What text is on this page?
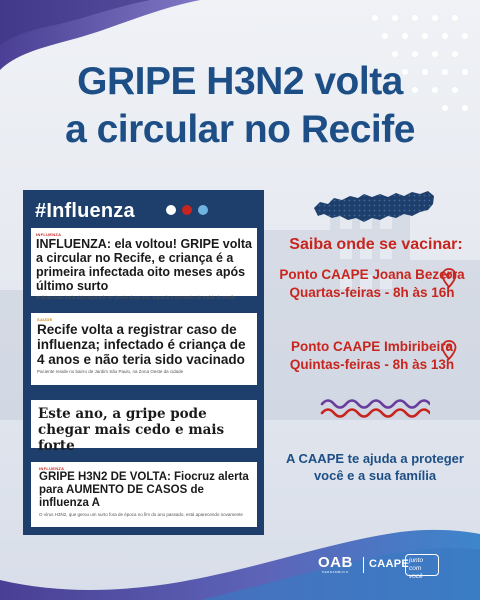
GRIPE H3N2 volta
a circular no Recife
#Influenza
INFLUENZA
INFLUENZA: ela voltou! GRIPE volta a circular no Recife, e criança é a primeira infectada oito meses após último surto
O último caso havia sido registrado em janeiro deste ano, segundo a Secretaria de Saúde do Recife
SAÚDE
Recife volta a registrar caso de influenza; infectado é criança de 4 anos e não teria sido vacinado
Paciente reside no bairro de Jardim São Paulo, na Zona Oeste da cidade
Este ano, a gripe pode chegar mais cedo e mais forte
INFLUENZA
GRIPE H3N2 DE VOLTA: Fiocruz alerta para AUMENTO DE CASOS de influenza A
O vírus H3N2, que gerou um surto fora de época no fim do ano passado, está aparecendo novamente
Saiba onde se vacinar:
Ponto CAAPE Joana Bezerra
Quartas-feiras - 8h às 16h
Ponto CAAPE Imbiribeira
Quintas-feiras - 8h às 13h
A CAAPE te ajuda a proteger
você e a sua família
OAB
PERNAMBUCO
CAAPE junto
com você
